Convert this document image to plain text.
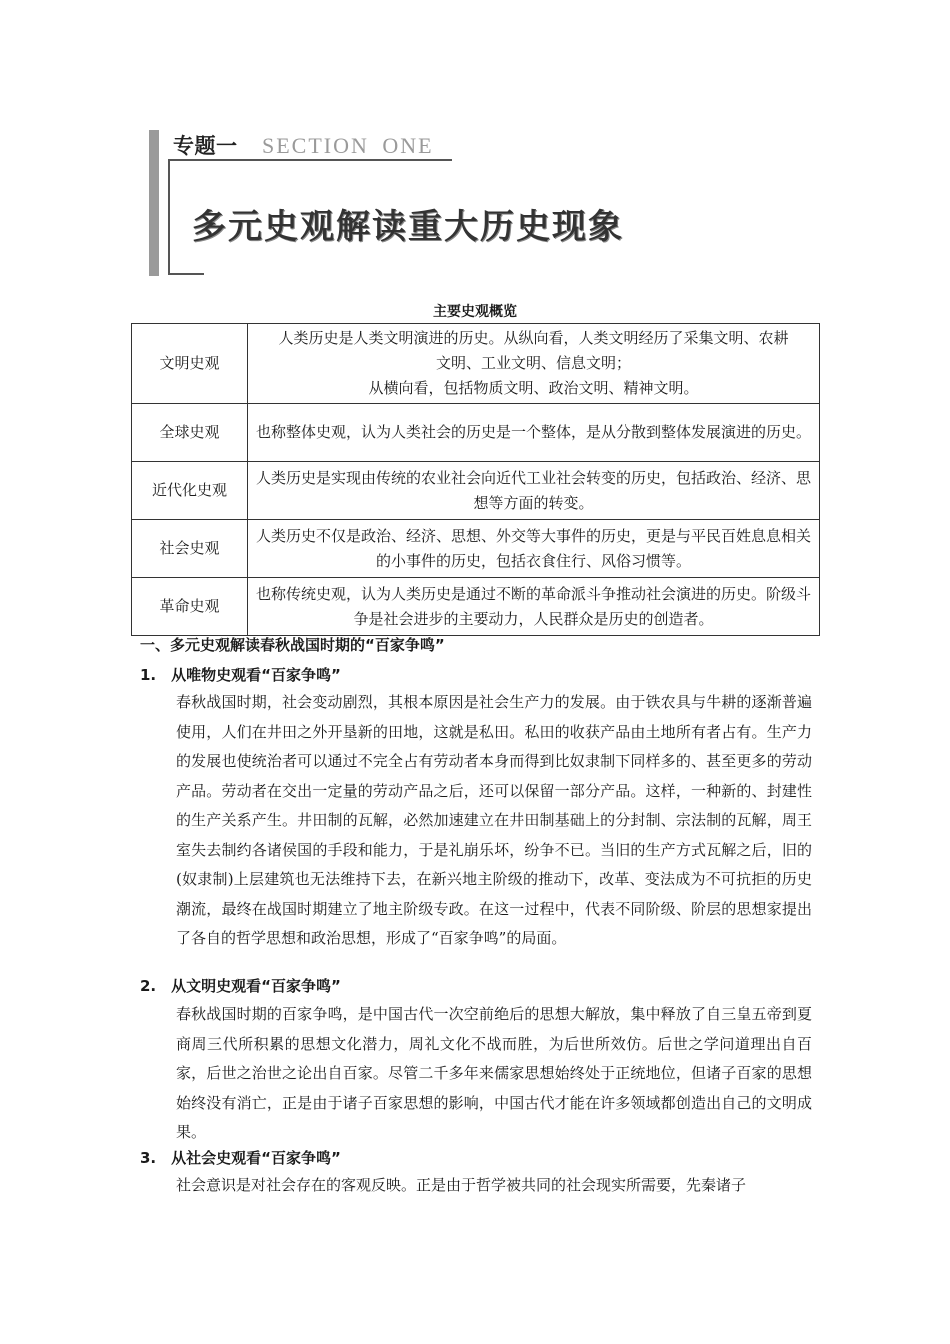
专题一 SECTION ONE
多元史观解读重大历史现象
主要史观概览
文明史观	人类历史是人类文明演进的历史。从纵向看，人类文明经历了采集文明、农耕
文明、工业文明、信息文明；
从横向看，包括物质文明、政治文明、精神文明。

全球史观	也称整体史观，认为人类社会的历史是一个整体，是从分散到整体发展演进的历史。
近代化史观	人类历史是实现由传统的农业社会向近代工业社会转变的历史，包括政治、经济、思想等方面的转变。
社会史观	人类历史不仅是政治、经济、思想、外交等大事件的历史，更是与平民百姓息息相关的小事件的历史，包括衣食住行、风俗习惯等。
革命史观	也称传统史观，认为人类历史是通过不断的革命派斗争推动社会演进的历史。阶级斗争是社会进步的主要动力，人民群众是历史的创造者。
一、多元史观解读春秋战国时期的“百家争鸣”
1.　从唯物史观看“百家争鸣”

春秋战国时期，社会变动剧烈，其根本原因是社会生产力的发展。由于铁农具与牛耕的逐渐普遍使用，人们在井田之外开垦新的田地，这就是私田。私田的收获产品由土地所有者占有。生产力的发展也使统治者可以通过不完全占有劳动者本身而得到比奴隶制下同样多的、甚至更多的劳动产品。劳动者在交出一定量的劳动产品之后，还可以保留一部分产品。这样，一种新的、封建性的生产关系产生。井田制的瓦解，必然加速建立在井田制基础上的分封制、宗法制的瓦解，周王室失去制约各诸侯国的手段和能力，于是礼崩乐坏，纷争不已。当旧的生产方式瓦解之后，旧的(奴隶制)上层建筑也无法维持下去，在新兴地主阶级的推动下，改革、变法成为不可抗拒的历史潮流，最终在战国时期建立了地主阶级专政。在这一过程中，代表不同阶级、阶层的思想家提出了各自的哲学思想和政治思想，形成了“百家争鸣”的局面。

2.　从文明史观看“百家争鸣”

春秋战国时期的百家争鸣，是中国古代一次空前绝后的思想大解放，集中释放了自三皇五帝到夏商周三代所积累的思想文化潜力，周礼文化不战而胜，为后世所效仿。后世之学问道理出自百家，后世之治世之论出自百家。尽管二千多年来儒家思想始终处于正统地位，但诸子百家的思想始终没有消亡，正是由于诸子百家思想的影响，中国古代才能在许多领域都创造出自己的文明成果。

3.　从社会史观看“百家争鸣”

社会意识是对社会存在的客观反映。正是由于哲学被共同的社会现实所需要，先秦诸子
